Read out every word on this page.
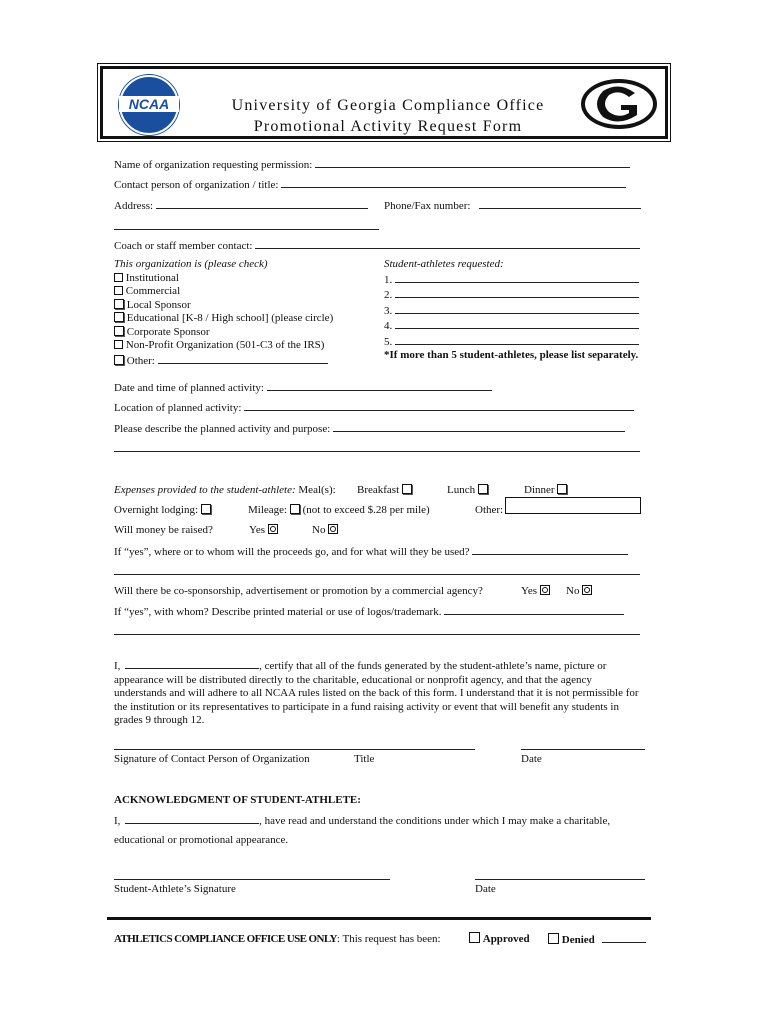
NCAA	University of Georgia Compliance Office
Promotional Activity Request Form
Name of organization requesting permission:
Contact person of organization / title:
Address:	Phone/Fax number:
Coach or staff member contact:
This organization is (please check)
Institutional
Commercial
Local Sponsor
Educational [K-8 / High school] (please circle)
Corporate Sponsor
Non-Profit Organization (501-C3 of the IRS)
Other:
Student-athletes requested:
1.
2.
3.
4.
5.
*If more than 5 student-athletes, please list separately.
Date and time of planned activity:
Location of planned activity:
Please describe the planned activity and purpose:
Expenses provided to the student-athlete: Meal(s): Breakfast	Lunch	Dinner
Overnight lodging:	Mileage: (not to exceed $.28 per mile)	Other:
Will money be raised?	Yes	No
If “yes”, where or to whom will the proceeds go, and for what will they be used?
Will there be co-sponsorship, advertisement or promotion by a commercial agency?	Yes	No
If “yes”, with whom? Describe printed material or use of logos/trademark.
I,	, certify that all of the funds generated by the student-athlete’s name, picture or
appearance will be distributed directly to the charitable, educational or nonprofit agency, and that the agency
understands and will adhere to all NCAA rules listed on the back of this form. I understand that it is not permissible for
the institution or its representatives to participate in a fund raising activity or event that will benefit any students in
grades 9 through 12.
Signature of Contact Person of Organization	Title	Date
ACKNOWLEDGMENT OF STUDENT-ATHLETE:
I,	, have read and understand the conditions under which I may make a charitable,
educational or promotional appearance.
Student-Athlete’s Signature	Date
ATHLETICS COMPLIANCE OFFICE USE ONLY: This request has been:	Approved	Denied
